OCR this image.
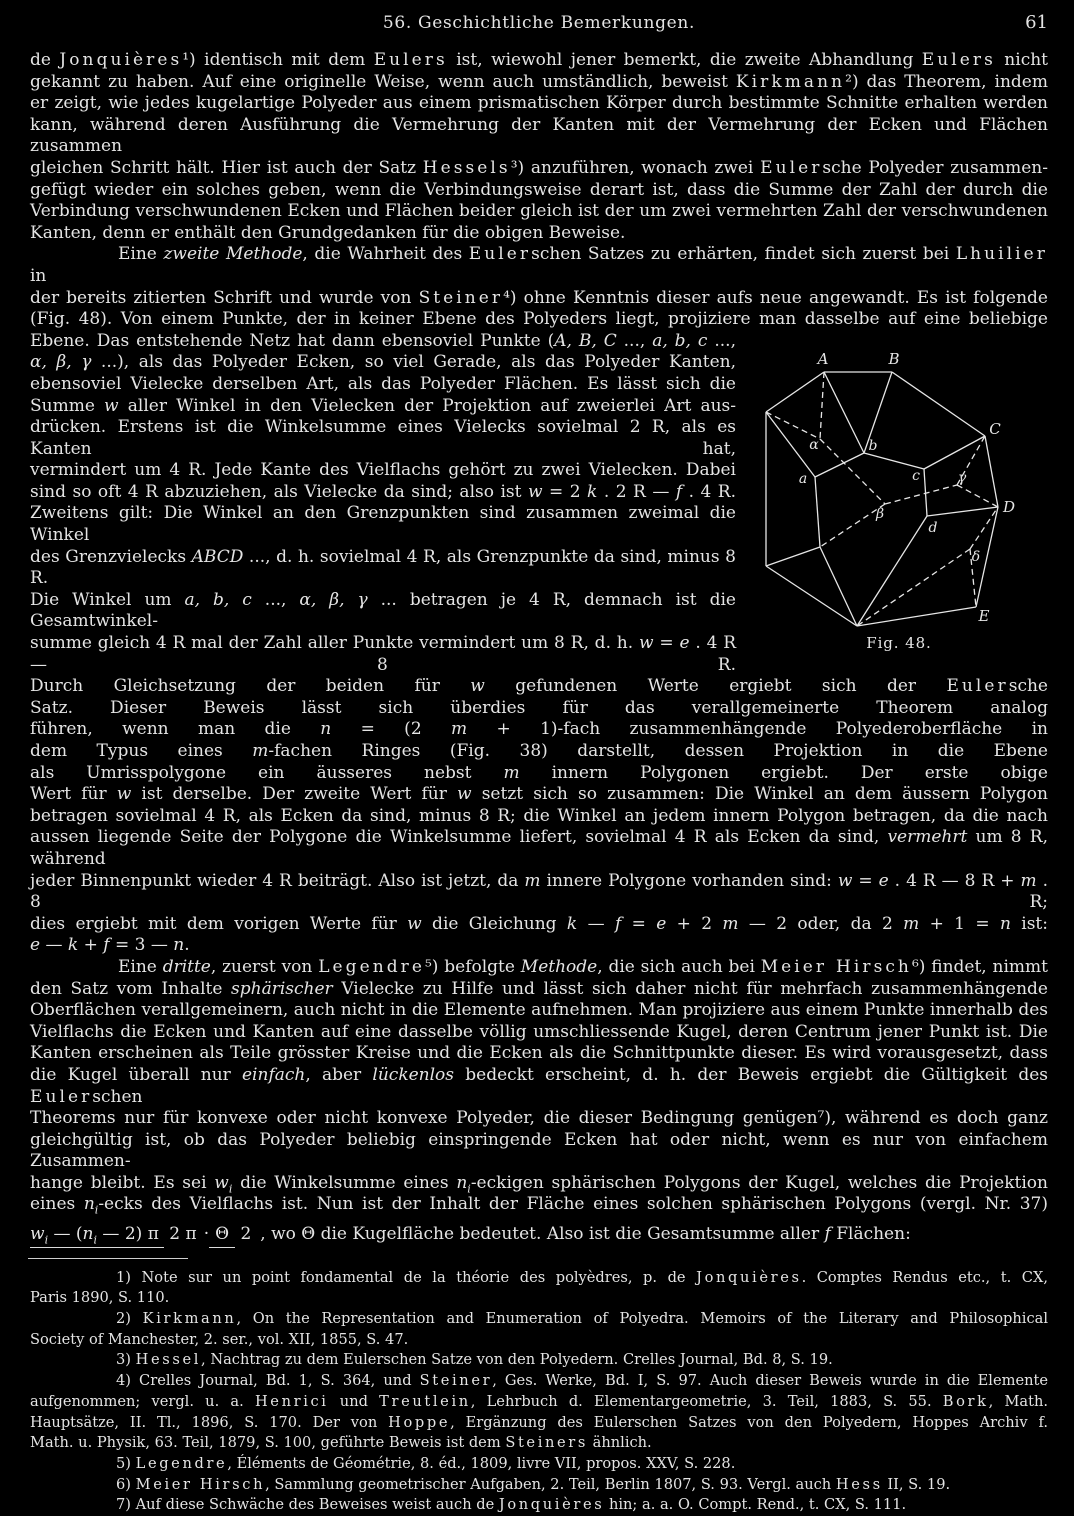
56. Geschichtliche Bemerkungen.	61
de Jonquières¹) identisch mit dem Eulers ist, wiewohl jener bemerkt, die zweite Abhandlung Eulers nicht
gekannt zu haben. Auf eine originelle Weise, wenn auch umständlich, beweist Kirkmann²) das Theorem, indem
er zeigt, wie jedes kugelartige Polyeder aus einem prismatischen Körper durch bestimmte Schnitte erhalten werden
kann, während deren Ausführung die Vermehrung der Kanten mit der Vermehrung der Ecken und Flächen zusammen
gleichen Schritt hält. Hier ist auch der Satz Hessels³) anzuführen, wonach zwei Eulersche Polyeder zusammen-
gefügt wieder ein solches geben, wenn die Verbindungsweise derart ist, dass die Summe der Zahl der durch die
Verbindung verschwundenen Ecken und Flächen beider gleich ist der um zwei vermehrten Zahl der verschwundenen
Kanten, denn er enthält den Grundgedanken für die obigen Beweise.
Eine zweite Methode, die Wahrheit des Eulerschen Satzes zu erhärten, findet sich zuerst bei Lhuilier in
der bereits zitierten Schrift und wurde von Steiner⁴) ohne Kenntnis dieser aufs neue angewandt. Es ist folgende
(Fig. 48). Von einem Punkte, der in keiner Ebene des Polyeders liegt, projiziere man dasselbe auf eine beliebige
A	B
C
D
E
a
b
c
d
α
β
γ
δ
Fig. 48.
Ebene. Das entstehende Netz hat dann ebensoviel Punkte (A, B, C ..., a, b, c ...,
α, β, γ ...), als das Polyeder Ecken, so viel Gerade, als das Polyeder Kanten,
ebensoviel Vielecke derselben Art, als das Polyeder Flächen. Es lässt sich die
Summe w aller Winkel in den Vielecken der Projektion auf zweierlei Art aus-
drücken. Erstens ist die Winkelsumme eines Vielecks sovielmal 2 R, als es Kanten hat,
vermindert um 4 R. Jede Kante des Vielflachs gehört zu zwei Vielecken. Dabei
sind so oft 4 R abzuziehen, als Vielecke da sind; also ist w = 2 k . 2 R — f . 4 R.
Zweitens gilt: Die Winkel an den Grenzpunkten sind zusammen zweimal die Winkel
des Grenzvielecks ABCD ..., d. h. sovielmal 4 R, als Grenzpunkte da sind, minus 8 R.
Die Winkel um a, b, c ..., α, β, γ ... betragen je 4 R, demnach ist die Gesamtwinkel-
summe gleich 4 R mal der Zahl aller Punkte vermindert um 8 R, d. h. w = e . 4 R — 8 R.
Durch Gleichsetzung der beiden für w gefundenen Werte ergiebt sich der Eulersche
Satz. Dieser Beweis lässt sich überdies für das verallgemeinerte Theorem analog
führen, wenn man die n = (2 m + 1)-fach zusammenhängende Polyederoberfläche in
dem Typus eines m-fachen Ringes (Fig. 38) darstellt, dessen Projektion in die Ebene
als Umrisspolygone ein äusseres nebst m innern Polygonen ergiebt. Der erste obige
Wert für w ist derselbe. Der zweite Wert für w setzt sich so zusammen: Die Winkel an dem äussern Polygon
betragen sovielmal 4 R, als Ecken da sind, minus 8 R; die Winkel an jedem innern Polygon betragen, da die nach
aussen liegende Seite der Polygone die Winkelsumme liefert, sovielmal 4 R als Ecken da sind, vermehrt um 8 R, während
jeder Binnenpunkt wieder 4 R beiträgt. Also ist jetzt, da m innere Polygone vorhanden sind: w = e . 4 R — 8 R + m . 8 R;
dies ergiebt mit dem vorigen Werte für w die Gleichung k — f = e + 2 m — 2 oder, da 2 m + 1 = n ist:
e — k + f = 3 — n.
Eine dritte, zuerst von Legendre⁵) befolgte Methode, die sich auch bei Meier Hirsch⁶) findet, nimmt
den Satz vom Inhalte sphärischer Vielecke zu Hilfe und lässt sich daher nicht für mehrfach zusammenhängende
Oberflächen verallgemeinern, auch nicht in die Elemente aufnehmen. Man projiziere aus einem Punkte innerhalb des
Vielflachs die Ecken und Kanten auf eine dasselbe völlig umschliessende Kugel, deren Centrum jener Punkt ist. Die
Kanten erscheinen als Teile grösster Kreise und die Ecken als die Schnittpunkte dieser. Es wird vorausgesetzt, dass
die Kugel überall nur einfach, aber lückenlos bedeckt erscheint, d. h. der Beweis ergiebt die Gültigkeit des Eulerschen
Theorems nur für konvexe oder nicht konvexe Polyeder, die dieser Bedingung genügen⁷), während es doch ganz
gleichgültig ist, ob das Polyeder beliebig einspringende Ecken hat oder nicht, wenn es nur von einfachem Zusammen-
hange bleibt. Es sei $w_i$ die Winkelsumme eines $n_i$-eckigen sphärischen Polygons der Kugel, welches die Projektion
eines $n_i$-ecks des Vielflachs ist. Nun ist der Inhalt der Fläche eines solchen sphärischen Polygons (vergl. Nr. 37)
$w_i$ — ($n_i$ — 2) π 2 π · Θ 2 , wo Θ die Kugelfläche bedeutet. Also ist die Gesamtsumme aller f Flächen:
1) Note sur un point fondamental de la théorie des polyèdres, p. de Jonquières. Comptes Rendus etc., t. CX,
Paris 1890, S. 110.
2) Kirkmann, On the Representation and Enumeration of Polyedra. Memoirs of the Literary and Philosophical
Society of Manchester, 2. ser., vol. XII, 1855, S. 47.
3) Hessel, Nachtrag zu dem Eulerschen Satze von den Polyedern. Crelles Journal, Bd. 8, S. 19.
4) Crelles Journal, Bd. 1, S. 364, und Steiner, Ges. Werke, Bd. I, S. 97. Auch dieser Beweis wurde in die Elemente
aufgenommen; vergl. u. a. Henrici und Treutlein, Lehrbuch d. Elementargeometrie, 3. Teil, 1883, S. 55. Bork, Math.
Hauptsätze, II. Tl., 1896, S. 170. Der von Hoppe, Ergänzung des Eulerschen Satzes von den Polyedern, Hoppes Archiv f.
Math. u. Physik, 63. Teil, 1879, S. 100, geführte Beweis ist dem Steiners ähnlich.
5) Legendre, Éléments de Géométrie, 8. éd., 1809, livre VII, propos. XXV, S. 228.
6) Meier Hirsch, Sammlung geometrischer Aufgaben, 2. Teil, Berlin 1807, S. 93. Vergl. auch Hess II, S. 19.
7) Auf diese Schwäche des Beweises weist auch de Jonquières hin; a. a. O. Compt. Rend., t. CX, S. 111.
